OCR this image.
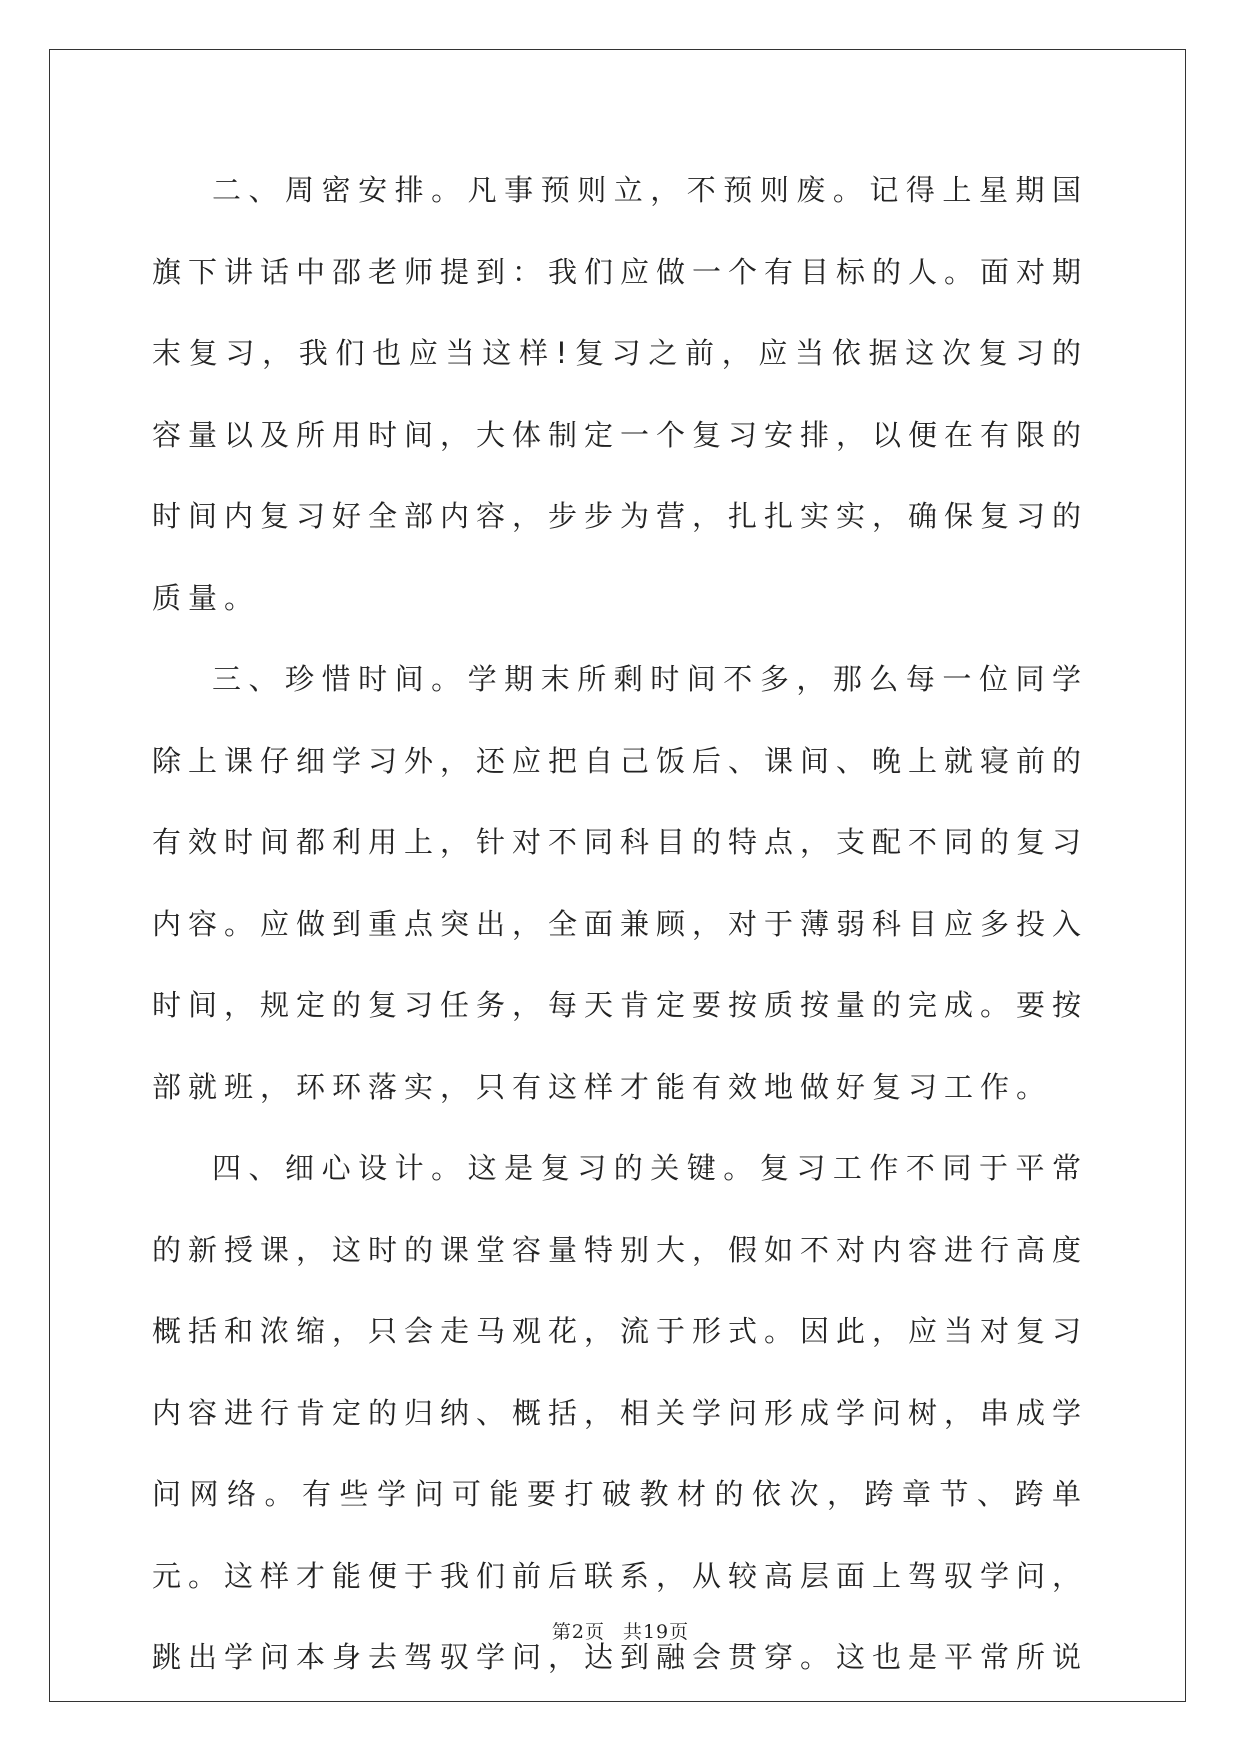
二、周密安排。凡事预则立，不预则废。记得上星期国旗下讲话中邵老师提到：我们应做一个有目标的人。面对期末复习，我们也应当这样!复习之前，应当依据这次复习的容量以及所用时间，大体制定一个复习安排，以便在有限的时间内复习好全部内容，步步为营，扎扎实实，确保复习的质量。

三、珍惜时间。学期末所剩时间不多，那么每一位同学除上课仔细学习外，还应把自己饭后、课间、晚上就寝前的有效时间都利用上，针对不同科目的特点，支配不同的复习内容。应做到重点突出，全面兼顾，对于薄弱科目应多投入时间，规定的复习任务，每天肯定要按质按量的完成。要按部就班，环环落实，只有这样才能有效地做好复习工作。

四、细心设计。这是复习的关键。复习工作不同于平常的新授课，这时的课堂容量特别大，假如不对内容进行高度概括和浓缩，只会走马观花，流于形式。因此，应当对复习内容进行肯定的归纳、概括，相关学问形成学问树，串成学问网络。有些学问可能要打破教材的依次，跨章节、跨单元。这样才能便于我们前后联系，从较高层面上驾驭学问，跳出学问本身去驾驭学问，达到融会贯穿。这也是平常所说

第2页 共19页
